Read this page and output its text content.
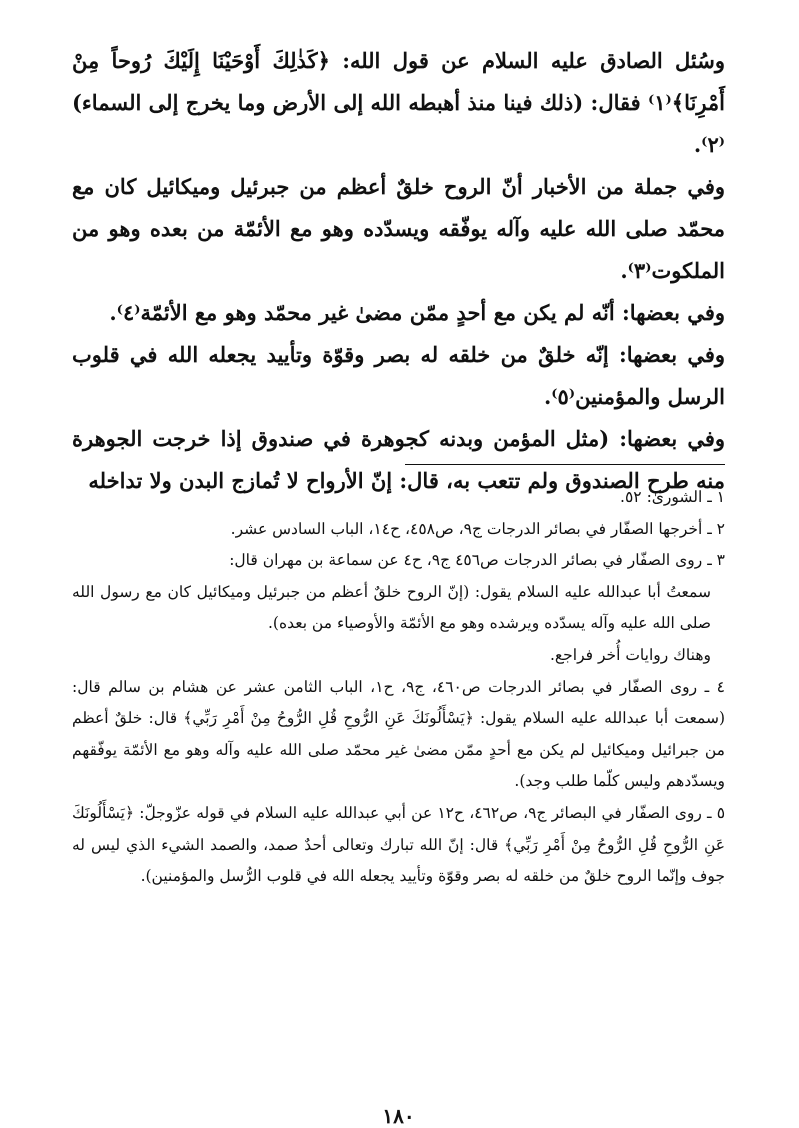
وسُئل الصادق عليه السلام عن قول الله: ﴿كَذٰلِكَ أَوْحَيْنَا إِلَيْكَ رُوحاً مِنْ أَمْرِنَا﴾⁽١⁾ فقال: (ذلك فينا منذ أهبطه الله إلى الأرض وما يخرج إلى السماء)⁽٢⁾.

وفي جملة من الأخبار أنّ الروح خلقٌ أعظم من جبرئيل وميكائيل كان مع محمّد صلى الله عليه وآله يوفّقه ويسدّده وهو مع الأئمّة من بعده وهو من الملكوت⁽٣⁾.

وفي بعضها: أنّه لم يكن مع أحدٍ ممّن مضىٰ غير محمّد وهو مع الأئمّة⁽٤⁾.

وفي بعضها: إنّه خلقٌ من خلقه له بصر وقوّة وتأييد يجعله الله في قلوب الرسل والمؤمنين⁽٥⁾.

وفي بعضها: (مثل المؤمن وبدنه كجوهرة في صندوق إذا خرجت الجوهرة منه طرح الصندوق ولم تتعب به، قال: إنّ الأرواح لا تُمازج البدن ولا تداخله

١ ـ الشورىٰ: ٥٢.

٢ ـ أخرجها الصفّار في بصائر الدرجات ج٩، ص٤٥٨، ح١٤، الباب السادس عشر.

٣ ـ روى الصفّار في بصائر الدرجات ص٤٥٦ ج٩، ح٤ عن سماعة بن مهران قال:

سمعتُ أبا عبدالله عليه السلام يقول: (إنّ الروح خلقٌ أعظم من جبرئيل وميكائيل كان مع رسول الله صلى الله عليه وآله يسدّده ويرشده وهو مع الأئمّة والأوصياء من بعده).

وهناك روايات أُخر فراجع.

٤ ـ روى الصفّار في بصائر الدرجات ص٤٦٠، ج٩، ح١، الباب الثامن عشر عن هشام بن سالم قال: (سمعت أبا عبدالله عليه السلام يقول: ﴿يَسْأَلُونَكَ عَنِ الرُّوحِ قُلِ الرُّوحُ مِنْ أَمْرِ رَبِّي﴾ قال: خلقٌ أعظم من جبرائيل وميكائيل لم يكن مع أحدٍ ممّن مضىٰ غير محمّد صلى الله عليه وآله وهو مع الأئمّة يوفّقهم ويسدّدهم وليس كلّما طلب وجد).

٥ ـ روى الصفّار في البصائر ج٩، ص٤٦٢، ح١٢ عن أبي عبدالله عليه السلام في قوله عزّوجلّ: ﴿يَسْأَلُونَكَ عَنِ الرُّوحِ قُلِ الرُّوحُ مِنْ أَمْرِ رَبِّي﴾ قال: إنّ الله تبارك وتعالى أحدٌ صمد، والصمد الشيء الذي ليس له جوف وإنّما الروح خلقٌ من خلقه له بصر وقوّة وتأييد يجعله الله في قلوب الرُّسل والمؤمنين).

١٨٠
